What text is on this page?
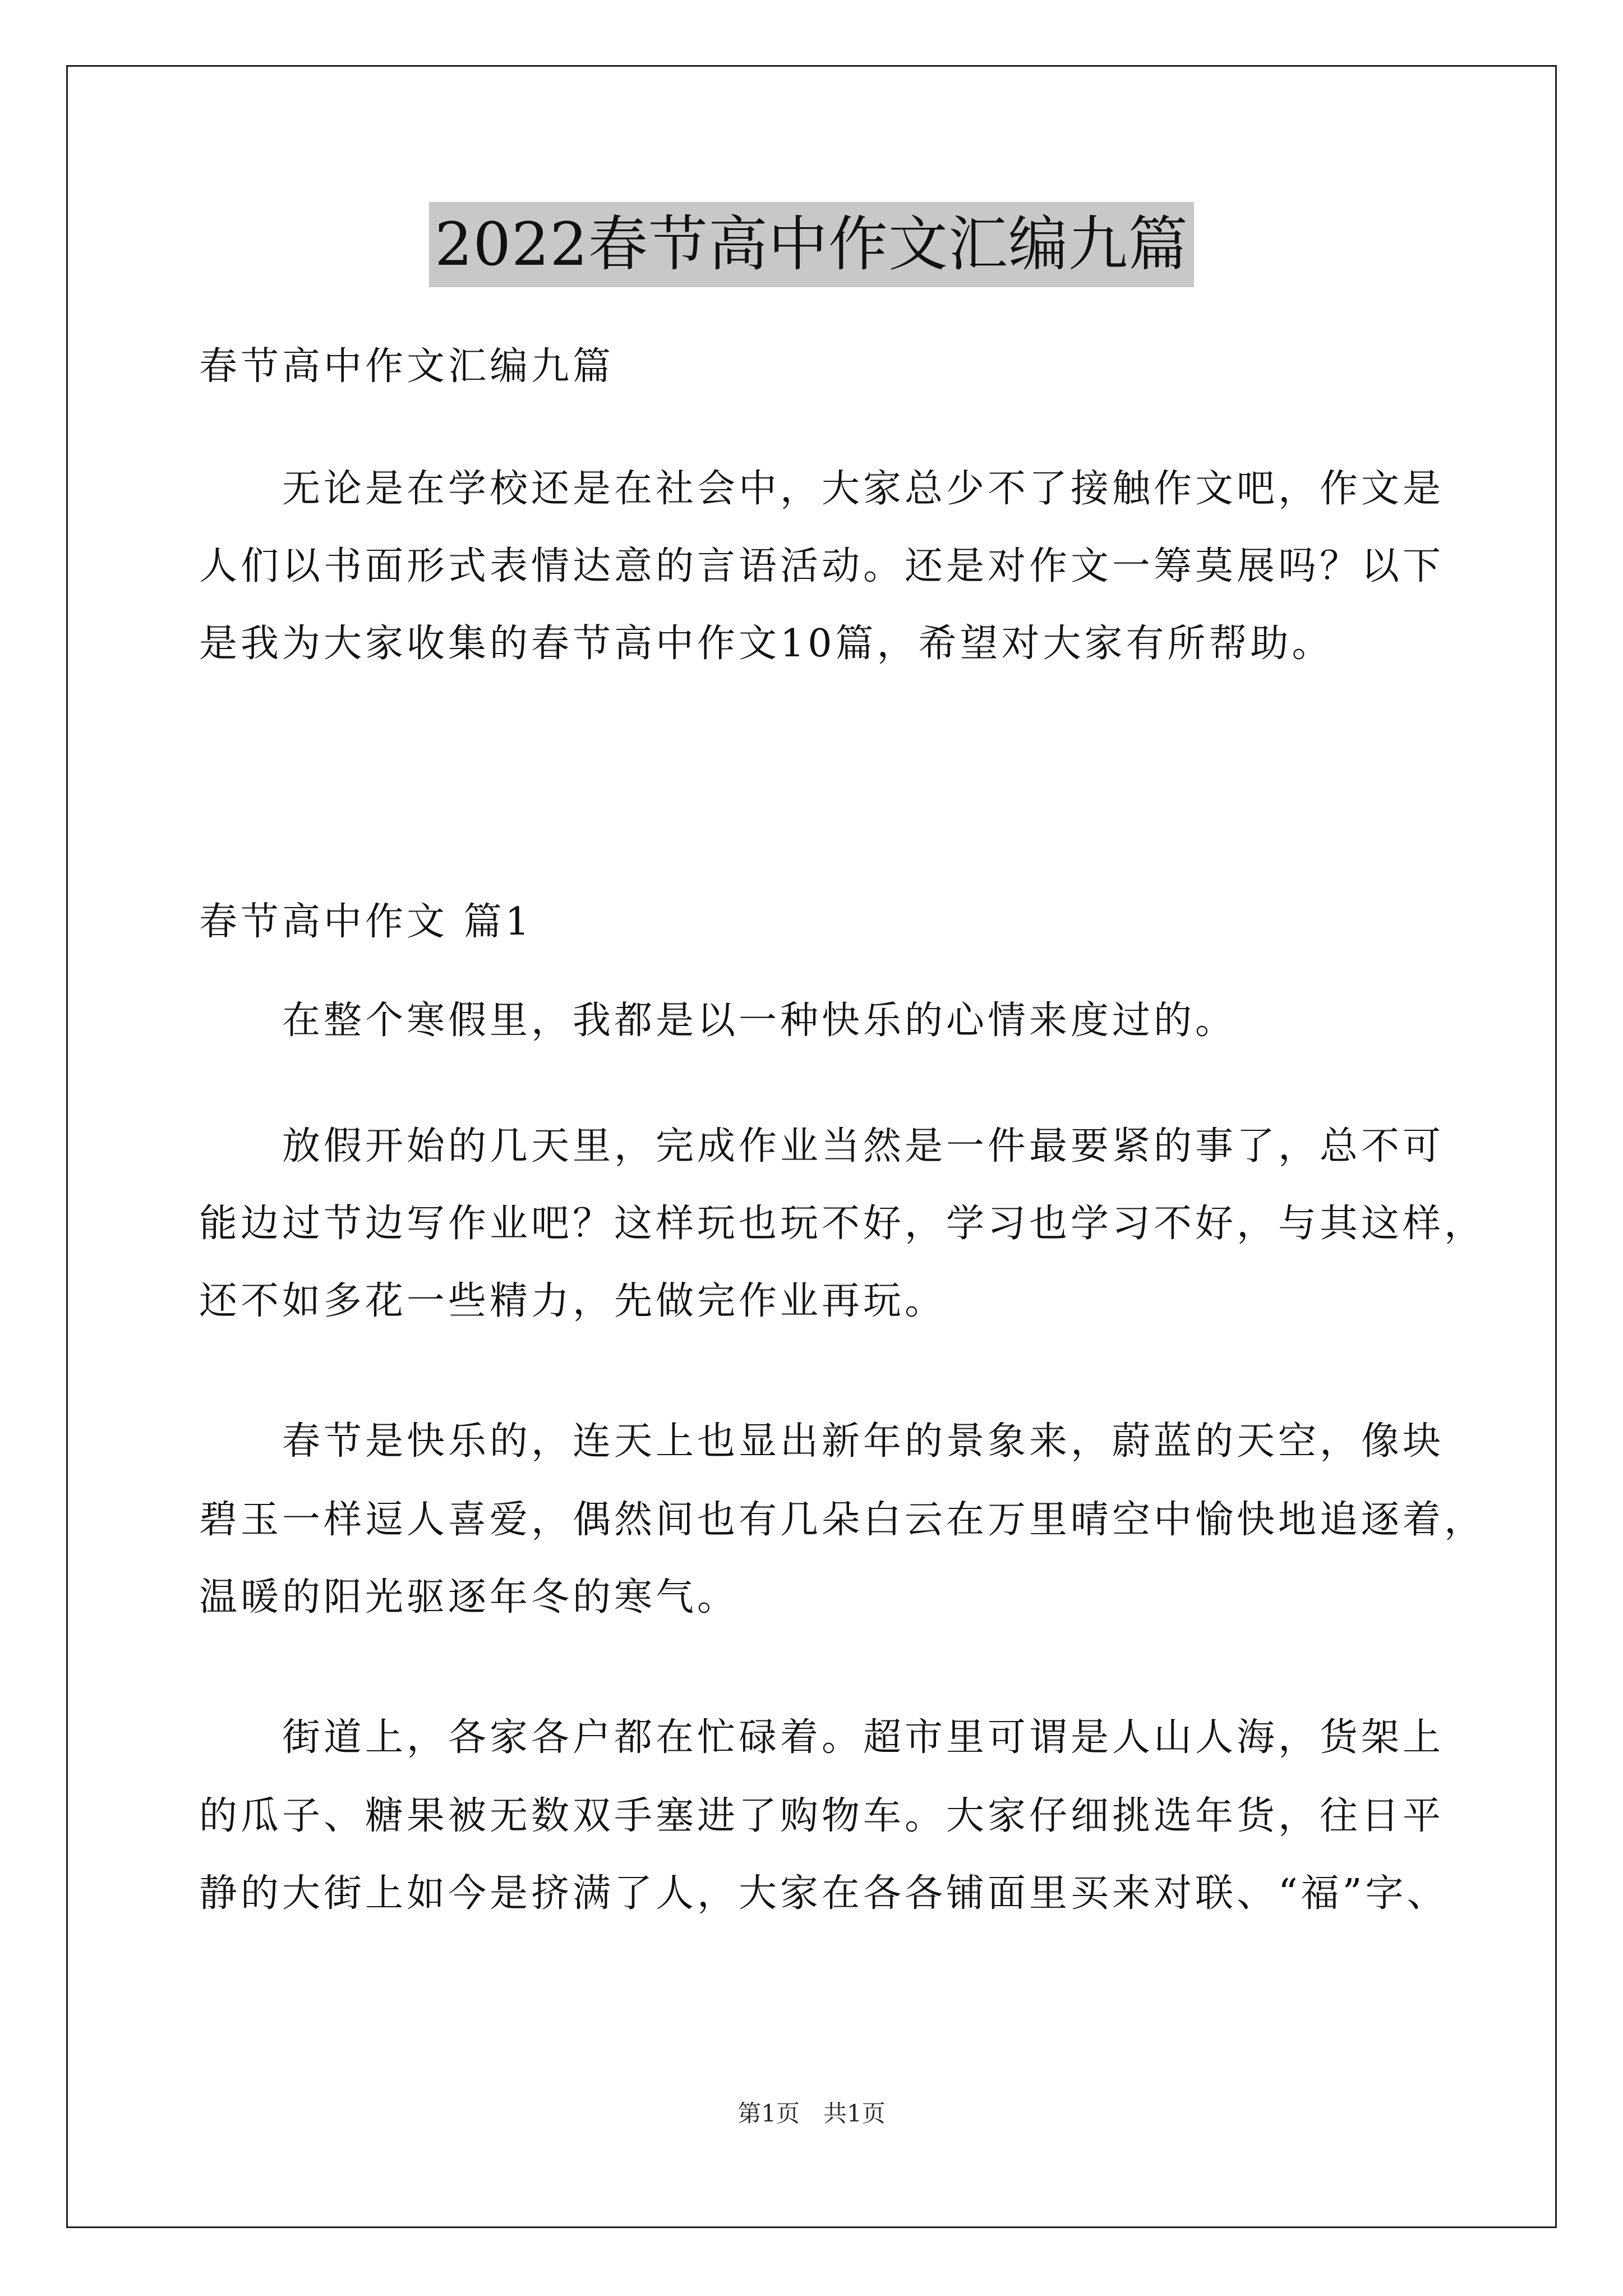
2022春节高中作文汇编九篇
春节高中作文汇编九篇
无论是在学校还是在社会中，大家总少不了接触作文吧，作文是
人们以书面形式表情达意的言语活动。还是对作文一筹莫展吗？以下
是我为大家收集的春节高中作文10篇，希望对大家有所帮助。
春节高中作文 篇1
在整个寒假里，我都是以一种快乐的心情来度过的。
放假开始的几天里，完成作业当然是一件最要紧的事了，总不可
能边过节边写作业吧？这样玩也玩不好，学习也学习不好，与其这样，
还不如多花一些精力，先做完作业再玩。
春节是快乐的，连天上也显出新年的景象来，蔚蓝的天空，像块
碧玉一样逗人喜爱，偶然间也有几朵白云在万里晴空中愉快地追逐着，
温暖的阳光驱逐年冬的寒气。
街道上，各家各户都在忙碌着。超市里可谓是人山人海，货架上
的瓜子、糖果被无数双手塞进了购物车。大家仔细挑选年货，往日平
静的大街上如今是挤满了人，大家在各各铺面里买来对联、“福”字、
第1页　共1页
